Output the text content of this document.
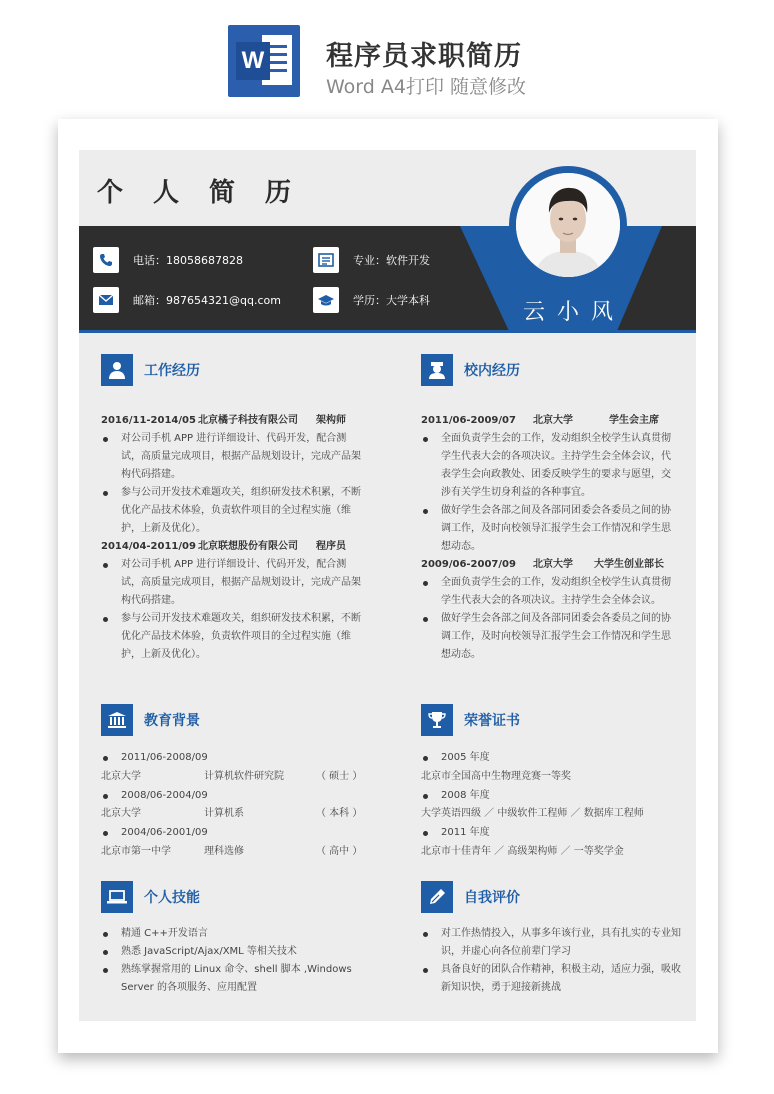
W 程序员求职简历
Word A4打印 随意修改
个人简历
电话：18058687828
邮箱：987654321@qq.com
专业：软件开发
学历：大学本科	云小风
工作经历
2016/11-2014/05 北京橘子科技有限公司 架构师
对公司手机 APP 进行详细设计、代码开发，配合测试，高质量完成项目，根据产品规划设计，完成产品架构代码搭建。
参与公司开发技术难题攻关，组织研发技术积累，不断优化产品技术体验，负责软件项目的全过程实施（维护，上新及优化）。
2014/04-2011/09 北京联想股份有限公司 程序员
对公司手机 APP 进行详细设计、代码开发，配合测试，高质量完成项目，根据产品规划设计，完成产品架构代码搭建。
参与公司开发技术难题攻关，组织研发技术积累，不断优化产品技术体验，负责软件项目的全过程实施（维护，上新及优化）。
校内经历
2011/06-2009/07 北京大学	学生会主席
全面负责学生会的工作，发动组织全校学生认真贯彻学生代表大会的各项决议。主持学生会全体会议，代表学生会向政教处、团委反映学生的要求与愿望，交涉有关学生切身利益的各种事宜。
做好学生会各部之间及各部同团委会各委员之间的协调工作，及时向校领导汇报学生会工作情况和学生思想动态。
2009/06-2007/09 北京大学 大学生创业部长
全面负责学生会的工作，发动组织全校学生认真贯彻学生代表大会的各项决议。主持学生会全体会议。
做好学生会各部之间及各部同团委会各委员之间的协调工作，及时向校领导汇报学生会工作情况和学生思想动态。
教育背景
2011/06-2008/09
北京大学	计算机软件研究院	（ 硕士 ）
2008/06-2004/09
北京大学	计算机系	（ 本科 ）
2004/06-2001/09
北京市第一中学	理科选修	（ 高中 ）
荣誉证书
2005 年度
北京市全国高中生物理竞赛一等奖
2008 年度
大学英语四级 ／ 中级软件工程师 ／ 数据库工程师
2011 年度
北京市十佳青年 ／ 高级架构师 ／ 一等奖学金
个人技能
精通 C++开发语言
熟悉 JavaScript/Ajax/XML 等相关技术
熟练掌握常用的 Linux 命令、shell 脚本 ,Windows Server 的各项服务、应用配置
自我评价
对工作热情投入，从事多年该行业，具有扎实的专业知识，并虚心向各位前辈门学习
具备良好的团队合作精神，积极主动，适应力强，吸收新知识快，勇于迎接新挑战
